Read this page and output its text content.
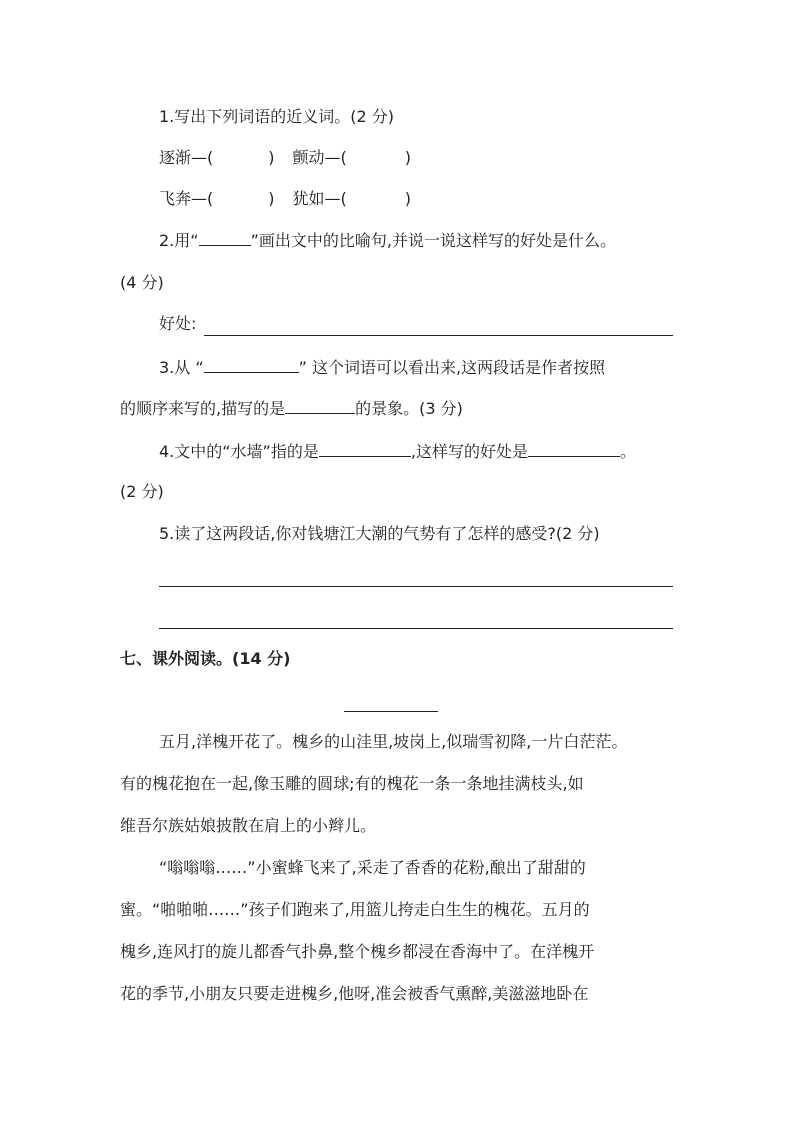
1.写出下列词语的近义词。(2 分)
逐渐—(	) 颤动—(	)
飞奔—(	) 犹如—(	)
2.用“	”画出文中的比喻句,并说一说这样写的好处是什么。
(4 分)
好处:
3.从 “	” 这个词语可以看出来,这两段话是作者按照
的顺序来写的,描写的是	的景象。(3 分)
4.文中的“水墙”指的是	,这样写的好处是	。
(2 分)
5.读了这两段话,你对钱塘江大潮的气势有了怎样的感受?(2 分)
七、课外阅读。(14 分)
五月,洋槐开花了。槐乡的山洼里,坡岗上,似瑞雪初降,一片白茫茫。
有的槐花抱在一起,像玉雕的圆球;有的槐花一条一条地挂满枝头,如
维吾尔族姑娘披散在肩上的小辫儿。
“嗡嗡嗡……”小蜜蜂飞来了,采走了香香的花粉,酿出了甜甜的
蜜。“啪啪啪……”孩子们跑来了,用篮儿挎走白生生的槐花。五月的
槐乡,连风打的旋儿都香气扑鼻,整个槐乡都浸在香海中了。在洋槐开
花的季节,小朋友只要走进槐乡,他呀,准会被香气熏醉,美滋滋地卧在
